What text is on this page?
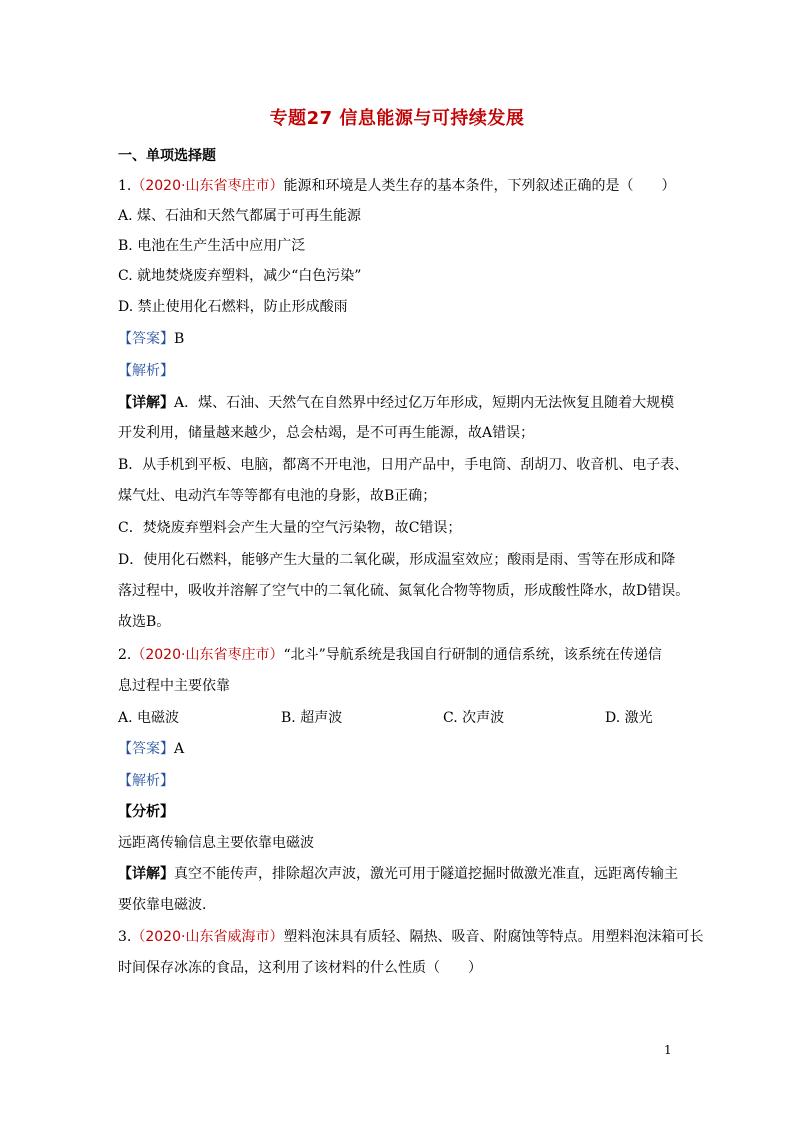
专题27 信息能源与可持续发展
一、单项选择题
1.（2020·山东省枣庄市）能源和环境是人类生存的基本条件，下列叙述正确的是（　　）
A. 煤、石油和天然气都属于可再生能源
B. 电池在生产生活中应用广泛
C. 就地焚烧废弃塑料，减少“白色污染”
D. 禁止使用化石燃料，防止形成酸雨
【答案】B
【解析】
【详解】A．煤、石油、天然气在自然界中经过亿万年形成，短期内无法恢复且随着大规模
开发利用，储量越来越少，总会枯竭，是不可再生能源，故A错误；
B．从手机到平板、电脑，都离不开电池，日用产品中，手电筒、刮胡刀、收音机、电子表、
煤气灶、电动汽车等等都有电池的身影，故B正确；
C．焚烧废弃塑料会产生大量的空气污染物，故C错误；
D．使用化石燃料，能够产生大量的二氧化碳，形成温室效应；酸雨是雨、雪等在形成和降
落过程中，吸收并溶解了空气中的二氧化硫、氮氧化合物等物质，形成酸性降水，故D错误。
故选B。
2.（2020·山东省枣庄市）“北斗”导航系统是我国自行研制的通信系统，该系统在传递信
息过程中主要依靠
A. 电磁波	B. 超声波	C. 次声波	D. 激光
【答案】A
【解析】
【分析】
远距离传输信息主要依靠电磁波
【详解】真空不能传声，排除超次声波，激光可用于隧道挖掘时做激光准直，远距离传输主
要依靠电磁波．
3.（2020·山东省威海市）塑料泡沫具有质轻、隔热、吸音、附腐蚀等特点。用塑料泡沫箱可长
时间保存冰冻的食品，这利用了该材料的什么性质（　　）
1
